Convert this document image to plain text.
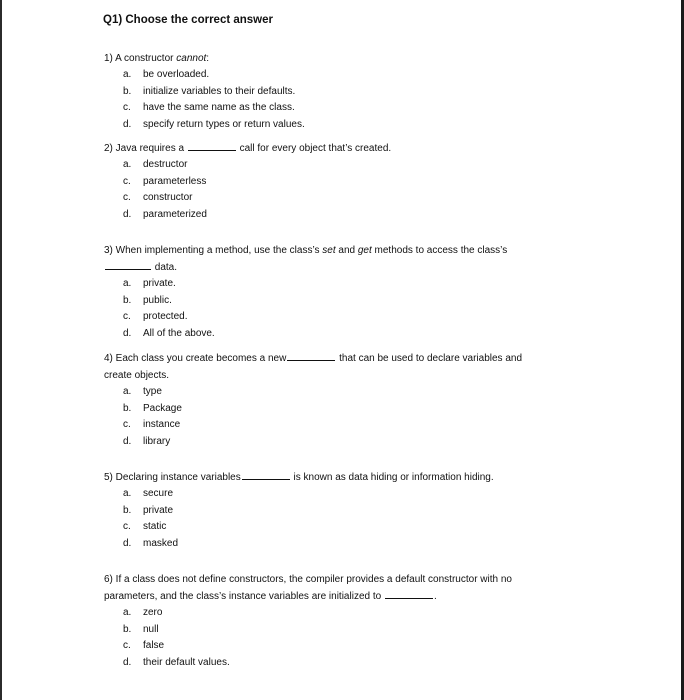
Q1) Choose the correct answer
1) A constructor cannot:
a.	be overloaded.
b.	initialize variables to their defaults.
c.	have the same name as the class.
d.	specify return types or return values.
2) Java requires a	call for every object that’s created.
a.	destructor
c.	parameterless
c.	constructor
d.	parameterized
3) When implementing a method, use the class’s set and get methods to access the class’s
data.
a.	private.
b.	public.
c.	protected.
d.	All of the above.
4) Each class you create becomes a new	that can be used to declare variables and
create objects.
a.	type
b.	Package
c.	instance
d.	library
5) Declaring instance variables	is known as data hiding or information hiding.
a.	secure
b.	private
c.	static
d.	masked
6) If a class does not define constructors, the compiler provides a default constructor with no
parameters, and the class’s instance variables are initialized to	.
a.	zero
b.	null
c.	false
d.	their default values.
